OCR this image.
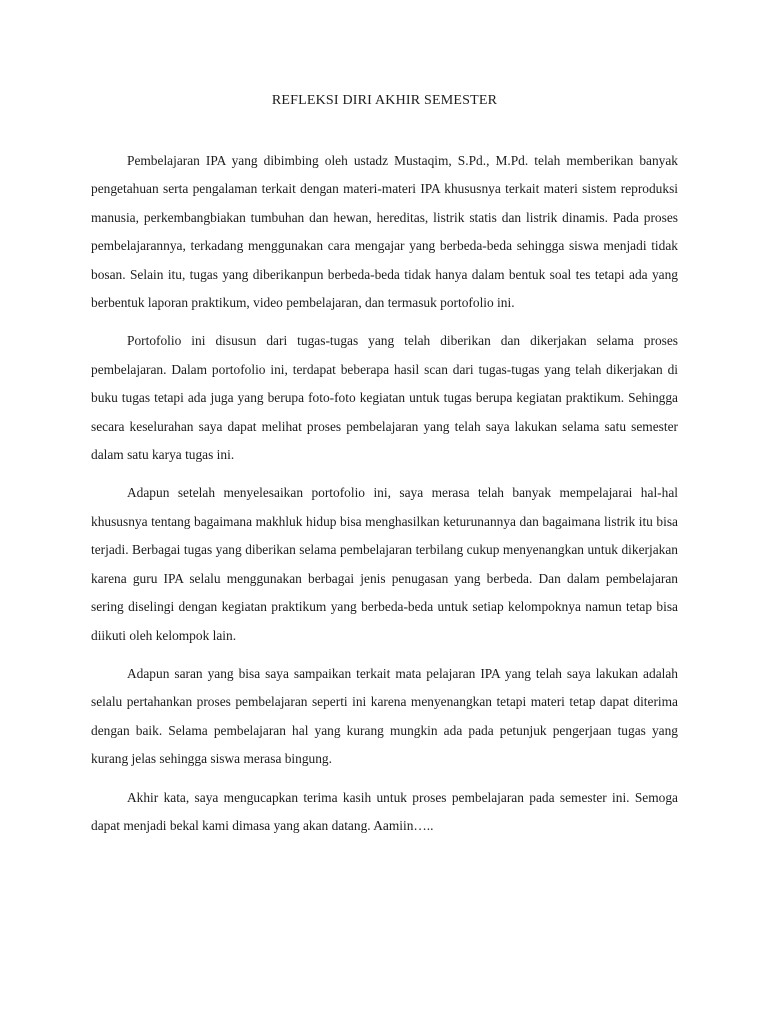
REFLEKSI DIRI AKHIR SEMESTER

Pembelajaran IPA yang dibimbing oleh ustadz Mustaqim, S.Pd., M.Pd. telah memberikan banyak pengetahuan serta pengalaman terkait dengan materi-materi IPA khususnya terkait materi sistem reproduksi manusia, perkembangbiakan tumbuhan dan hewan, hereditas, listrik statis dan listrik dinamis. Pada proses pembelajarannya, terkadang menggunakan cara mengajar yang berbeda-beda sehingga siswa menjadi tidak bosan. Selain itu, tugas yang diberikanpun berbeda-beda tidak hanya dalam bentuk soal tes tetapi ada yang berbentuk laporan praktikum, video pembelajaran, dan termasuk portofolio ini.

Portofolio ini disusun dari tugas-tugas yang telah diberikan dan dikerjakan selama proses pembelajaran. Dalam portofolio ini, terdapat beberapa hasil scan dari tugas-tugas yang telah dikerjakan di buku tugas tetapi ada juga yang berupa foto-foto kegiatan untuk tugas berupa kegiatan praktikum. Sehingga secara keselurahan saya dapat melihat proses pembelajaran yang telah saya lakukan selama satu semester dalam satu karya tugas ini.

Adapun setelah menyelesaikan portofolio ini, saya merasa telah banyak mempelajarai hal-hal khususnya tentang bagaimana makhluk hidup bisa menghasilkan keturunannya dan bagaimana listrik itu bisa terjadi. Berbagai tugas yang diberikan selama pembelajaran terbilang cukup menyenangkan untuk dikerjakan karena guru IPA selalu menggunakan berbagai jenis penugasan yang berbeda. Dan dalam pembelajaran sering diselingi dengan kegiatan praktikum yang berbeda-beda untuk setiap kelompoknya namun tetap bisa diikuti oleh kelompok lain.

Adapun saran yang bisa saya sampaikan terkait mata pelajaran IPA yang telah saya lakukan adalah selalu pertahankan proses pembelajaran seperti ini karena menyenangkan tetapi materi tetap dapat diterima dengan baik. Selama pembelajaran hal yang kurang mungkin ada pada petunjuk pengerjaan tugas yang kurang jelas sehingga siswa merasa bingung.

Akhir kata, saya mengucapkan terima kasih untuk proses pembelajaran pada semester ini. Semoga dapat menjadi bekal kami dimasa yang akan datang. Aamiin…..
